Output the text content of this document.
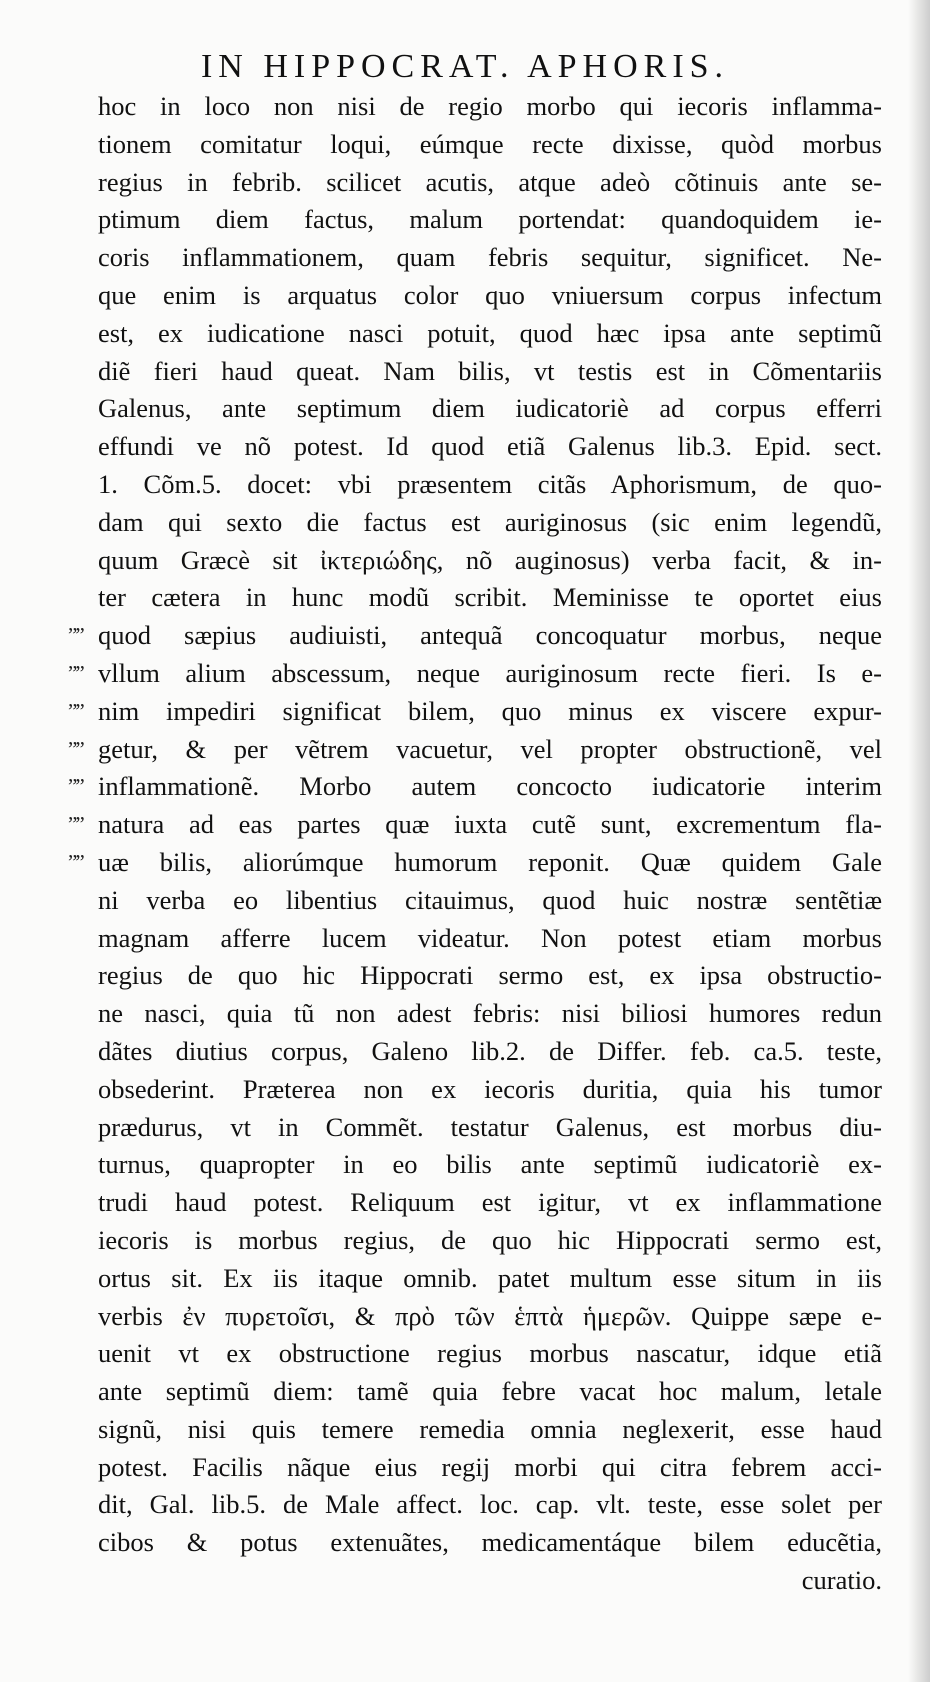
IN HIPPOCRAT. APHORIS.
hoc in loco non nisi de regio morbo qui iecoris inflamma-
tionem comitatur loqui, eúmque recte dixisse, quòd morbus
regius in febrib. scilicet acutis, atque adeò cõtinuis ante se-
ptimum diem factus, malum portendat: quandoquidem ie-
coris inflammationem, quam febris sequitur, significet. Ne-
que enim is arquatus color quo vniuersum corpus infectum
est, ex iudicatione nasci potuit, quod hæc ipsa ante septimũ
diẽ fieri haud queat. Nam bilis, vt testis est in Cõmentariis
Galenus, ante septimum diem iudicatoriè ad corpus efferri
effundi ve nõ potest. Id quod etiã Galenus lib.3. Epid. sect.
1. Cõm.5. docet: vbi præsentem citãs Aphorismum, de quo-
dam qui sexto die factus est auriginosus (sic enim legendũ,
quum Græcè sit ἰκτεριώδης, nõ auginosus) verba facit, & in-
ter cætera in hunc modũ scribit. Meminisse te oportet eius
”” quod sæpius audiuisti, antequã concoquatur morbus, neque
”” vllum alium abscessum, neque auriginosum recte fieri. Is e-
”” nim impediri significat bilem, quo minus ex viscere expur-
”” getur, & per vẽtrem vacuetur, vel propter obstructionẽ, vel
”” inflammationẽ. Morbo autem concocto iudicatorie interim
”” natura ad eas partes quæ iuxta cutẽ sunt, excrementum fla-
”” uæ bilis, aliorúmque humorum reponit. Quæ quidem Gale
ni verba eo libentius citauimus, quod huic nostræ sentẽtiæ
magnam afferre lucem videatur. Non potest etiam morbus
regius de quo hic Hippocrati sermo est, ex ipsa obstructio-
ne nasci, quia tũ non adest febris: nisi biliosi humores redun
dãtes diutius corpus, Galeno lib.2. de Differ. feb. ca.5. teste,
obsederint. Præterea non ex iecoris duritia, quia his tumor
prædurus, vt in Commẽt. testatur Galenus, est morbus diu-
turnus, quapropter in eo bilis ante septimũ iudicatoriè ex-
trudi haud potest. Reliquum est igitur, vt ex inflammatione
iecoris is morbus regius, de quo hic Hippocrati sermo est,
ortus sit. Ex iis itaque omnib. patet multum esse situm in iis
verbis ἐν πυρετοῖσι, & πρὸ τῶν ἑπτὰ ἡμερῶν. Quippe sæpe e-
uenit vt ex obstructione regius morbus nascatur, idque etiã
ante septimũ diem: tamẽ quia febre vacat hoc malum, letale
signũ, nisi quis temere remedia omnia neglexerit, esse haud
potest. Facilis nãque eius regij morbi qui citra febrem acci-
dit, Gal. lib.5. de Male affect. loc. cap. vlt. teste, esse solet per
cibos & potus extenuãtes, medicamentáque bilem educẽtia,
curatio.
